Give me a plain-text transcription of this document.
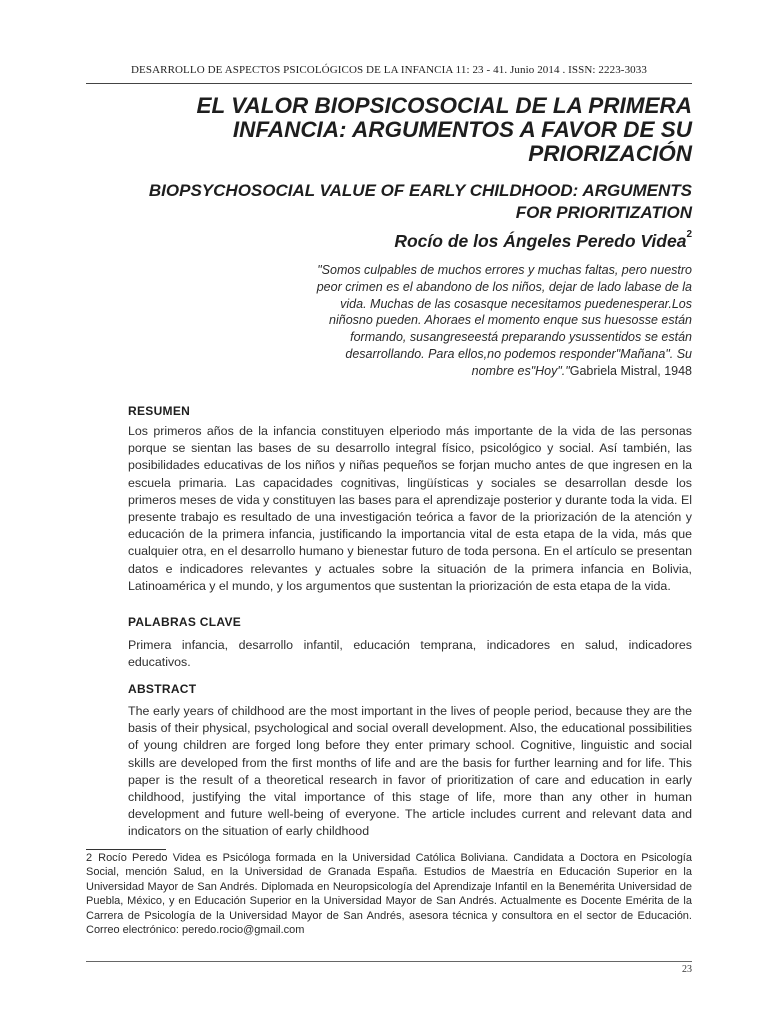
DESARROLLO DE ASPECTOS PSICOLÓGICOS DE LA INFANCIA 11: 23 - 41. Junio 2014 . ISSN: 2223-3033
EL VALOR BIOPSICOSOCIAL DE LA PRIMERA INFANCIA: ARGUMENTOS A FAVOR DE SU PRIORIZACIÓN
BIOPSYCHOSOCIAL VALUE OF EARLY CHILDHOOD: ARGUMENTS FOR PRIORITIZATION
Rocío de los Ángeles Peredo Videa$^2$
"Somos culpables de muchos errores y muchas faltas, pero nuestro peor crimen es el abandono de los niños, dejar de lado labase de la vida. Muchas de las cosasque necesitamos puedenesperar.Los niñosno pueden. Ahoraes el momento enque sus huesosse están formando, susangreseestá preparando ysussentidos se están desarrollando. Para ellos,no podemos responder"Mañana". Su nombre es"Hoy"."Gabriela Mistral, 1948
RESUMEN

Los primeros años de la infancia constituyen elperiodo más importante de la vida de las personas porque se sientan las bases de su desarrollo integral físico, psicológico y social. Así también, las posibilidades educativas de los niños y niñas pequeños se forjan mucho antes de que ingresen en la escuela primaria. Las capacidades cognitivas, lingüísticas y sociales se desarrollan desde los primeros meses de vida y constituyen las bases para el aprendizaje posterior y durante toda la vida. El presente trabajo es resultado de una investigación teórica a favor de la priorización de la atención y educación de la primera infancia, justificando la importancia vital de esta etapa de la vida, más que cualquier otra, en el desarrollo humano y bienestar futuro de toda persona. En el artículo se presentan datos e indicadores relevantes y actuales sobre la situación de la primera infancia en Bolivia, Latinoamérica y el mundo, y los argumentos que sustentan la priorización de esta etapa de la vida.

PALABRAS CLAVE

Primera infancia, desarrollo infantil, educación temprana, indicadores en salud, indicadores educativos.

ABSTRACT

The early years of childhood are the most important in the lives of people period, because they are the basis of their physical, psychological and social overall development. Also, the educational possibilities of young children are forged long before they enter primary school. Cognitive, linguistic and social skills are developed from the first months of life and are the basis for further learning and for life. This paper is the result of a theoretical research in favor of prioritization of care and education in early childhood, justifying the vital importance of this stage of life, more than any other in human development and future well-being of everyone. The article includes current and relevant data and indicators on the situation of early childhood

2 Rocío Peredo Videa es Psicóloga formada en la Universidad Católica Boliviana. Candidata a Doctora en Psicología Social, mención Salud, en la Universidad de Granada España. Estudios de Maestría en Educación Superior en la Universidad Mayor de San Andrés. Diplomada en Neuropsicología del Aprendizaje Infantil en la Benemérita Universidad de Puebla, México, y en Educación Superior en la Universidad Mayor de San Andrés. Actualmente es Docente Emérita de la Carrera de Psicología de la Universidad Mayor de San Andrés, asesora técnica y consultora en el sector de Educación. Correo electrónico: peredo.rocio@gmail.com

23
